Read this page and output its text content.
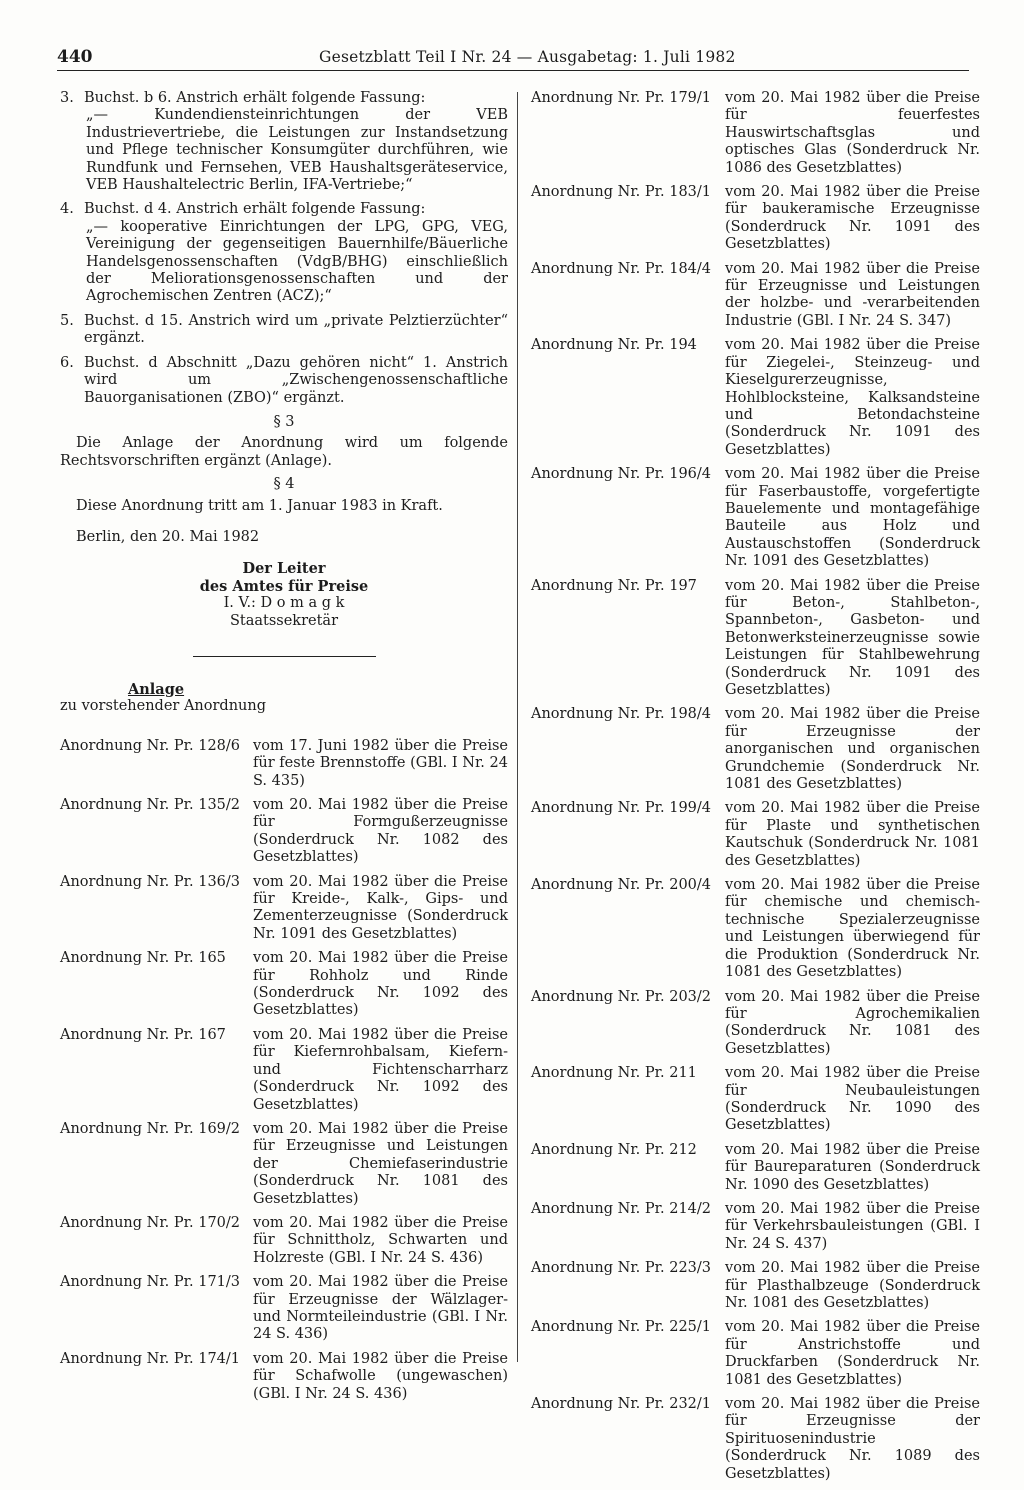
440	Gesetzblatt Teil I Nr. 24 — Ausgabetag: 1. Juli 1982

3. Buchst. b 6. Anstrich erhält folgende Fassung:
„— Kundendiensteinrichtungen der VEB Industrievertriebe, die Leistungen zur Instandsetzung und Pflege technischer Konsumgüter durchführen, wie Rundfunk und Fernsehen, VEB Haushaltsgeräteservice, VEB Haushaltelectric Berlin, IFA-Vertriebe;“
4. Buchst. d 4. Anstrich erhält folgende Fassung:
„— kooperative Einrichtungen der LPG, GPG, VEG, Vereinigung der gegenseitigen Bauernhilfe/Bäuerliche Handelsgenossenschaften (VdgB/BHG) einschließlich der Meliorationsgenossenschaften und der Agrochemischen Zentren (ACZ);“
5. Buchst. d 15. Anstrich wird um „private Pelztierzüchter“ ergänzt.
6. Buchst. d Abschnitt „Dazu gehören nicht“ 1. Anstrich wird um „Zwischengenossenschaftliche Bauorganisationen (ZBO)“ ergänzt.
§ 3
Die Anlage der Anordnung wird um folgende Rechtsvorschriften ergänzt (Anlage).
§ 4
Diese Anordnung tritt am 1. Januar 1983 in Kraft.
Berlin, den 20. Mai 1982
Der Leiter
des Amtes für Preise
I. V.: D o m a g k
Staatssekretär
Anlage
zu vorstehender Anordnung
Anordnung Nr. Pr. 128/6 vom 17. Juni 1982 über die Preise für feste Brennstoffe (GBl. I Nr. 24 S. 435)
Anordnung Nr. Pr. 135/2 vom 20. Mai 1982 über die Preise für Formgußerzeugnisse (Sonderdruck Nr. 1082 des Gesetzblattes)
Anordnung Nr. Pr. 136/3 vom 20. Mai 1982 über die Preise für Kreide-, Kalk-, Gips- und Zementerzeugnisse (Sonderdruck Nr. 1091 des Gesetzblattes)
Anordnung Nr. Pr. 165	vom 20. Mai 1982 über die Preise für Rohholz und Rinde (Sonderdruck Nr. 1092 des Gesetzblattes)
Anordnung Nr. Pr. 167	vom 20. Mai 1982 über die Preise für Kiefernrohbalsam, Kiefern- und Fichtenscharrharz (Sonderdruck Nr. 1092 des Gesetzblattes)
Anordnung Nr. Pr. 169/2 vom 20. Mai 1982 über die Preise für Erzeugnisse und Leistungen der Chemiefaserindustrie (Sonderdruck Nr. 1081 des Gesetzblattes)
Anordnung Nr. Pr. 170/2 vom 20. Mai 1982 über die Preise für Schnittholz, Schwarten und Holzreste (GBl. I Nr. 24 S. 436)
Anordnung Nr. Pr. 171/3 vom 20. Mai 1982 über die Preise für Erzeugnisse der Wälzlager- und Normteileindustrie (GBl. I Nr. 24 S. 436)
Anordnung Nr. Pr. 174/1 vom 20. Mai 1982 über die Preise für Schafwolle (ungewaschen) (GBl. I Nr. 24 S. 436)
Anordnung Nr. Pr. 179/1 vom 20. Mai 1982 über die Preise für feuerfestes Hauswirtschaftsglas und optisches Glas (Sonderdruck Nr. 1086 des Gesetzblattes)
Anordnung Nr. Pr. 183/1 vom 20. Mai 1982 über die Preise für baukeramische Erzeugnisse (Sonderdruck Nr. 1091 des Gesetzblattes)
Anordnung Nr. Pr. 184/4 vom 20. Mai 1982 über die Preise für Erzeugnisse und Leistungen der holzbe- und -verarbeitenden Industrie (GBl. I Nr. 24 S. 347)
Anordnung Nr. Pr. 194	vom 20. Mai 1982 über die Preise für Ziegelei-, Steinzeug- und Kieselgurerzeugnisse, Hohlblocksteine, Kalksandsteine und Betondachsteine (Sonderdruck Nr. 1091 des Gesetzblattes)
Anordnung Nr. Pr. 196/4 vom 20. Mai 1982 über die Preise für Faserbaustoffe, vorgefertigte Bauelemente und montagefähige Bauteile aus Holz und Austauschstoffen (Sonderdruck Nr. 1091 des Gesetzblattes)
Anordnung Nr. Pr. 197	vom 20. Mai 1982 über die Preise für Beton-, Stahlbeton-, Spannbeton-, Gasbeton- und Betonwerksteinerzeugnisse sowie Leistungen für Stahlbewehrung (Sonderdruck Nr. 1091 des Gesetzblattes)
Anordnung Nr. Pr. 198/4 vom 20. Mai 1982 über die Preise für Erzeugnisse der anorganischen und organischen Grundchemie (Sonderdruck Nr. 1081 des Gesetzblattes)
Anordnung Nr. Pr. 199/4 vom 20. Mai 1982 über die Preise für Plaste und synthetischen Kautschuk (Sonderdruck Nr. 1081 des Gesetzblattes)
Anordnung Nr. Pr. 200/4 vom 20. Mai 1982 über die Preise für chemische und chemisch-technische Spezialerzeugnisse und Leistungen überwiegend für die Produktion (Sonderdruck Nr. 1081 des Gesetzblattes)
Anordnung Nr. Pr. 203/2 vom 20. Mai 1982 über die Preise für Agrochemikalien (Sonderdruck Nr. 1081 des Gesetzblattes)
Anordnung Nr. Pr. 211	vom 20. Mai 1982 über die Preise für Neubauleistungen (Sonderdruck Nr. 1090 des Gesetzblattes)
Anordnung Nr. Pr. 212	vom 20. Mai 1982 über die Preise für Baureparaturen (Sonderdruck Nr. 1090 des Gesetzblattes)
Anordnung Nr. Pr. 214/2 vom 20. Mai 1982 über die Preise für Verkehrsbauleistungen (GBl. I Nr. 24 S. 437)
Anordnung Nr. Pr. 223/3 vom 20. Mai 1982 über die Preise für Plasthalbzeuge (Sonderdruck Nr. 1081 des Gesetzblattes)
Anordnung Nr. Pr. 225/1 vom 20. Mai 1982 über die Preise für Anstrichstoffe und Druckfarben (Sonderdruck Nr. 1081 des Gesetzblattes)
Anordnung Nr. Pr. 232/1 vom 20. Mai 1982 über die Preise für Erzeugnisse der Spirituosenindustrie (Sonderdruck Nr. 1089 des Gesetzblattes)
